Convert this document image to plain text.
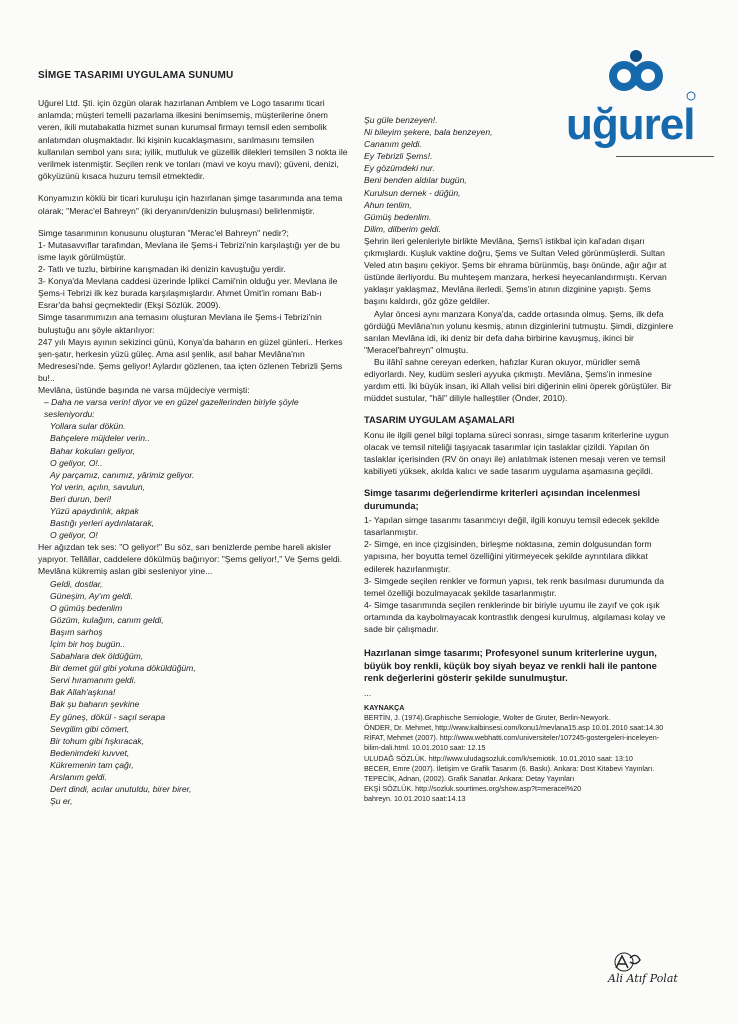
uğurel
SİMGE TASARIMI UYGULAMA SUNUMU

Uğurel Ltd. Şti. için özgün olarak hazırlanan Amblem ve Logo tasarımı ticari anlamda; müşteri temelli pazarlama ilkesini benimsemiş, müşterilerine önem veren, ikili mutabakatla hizmet sunan kurumsal firmayı temsil eden sembolik anlatımdan oluşmaktadır. İki kişinin kucaklaşmasını, sarılmasını temsilen kullanılan sembol yanı sıra; iyilik, mutluluk ve güzellik dilekleri temsilen 3 nokta ile verilmek istenmiştir. Seçilen renk ve tonları (mavi ve koyu mavi); güveni, denizi, gökyüzünü kısaca huzuru temsil etmektedir.

Konyamızın köklü bir ticari kuruluşu için hazırlanan şimge tasarımında ana tema olarak; "Merac'el Bahreyn" (iki deryanın/denizin buluşması) belirlenmiştir.

Simge tasarımının konusunu oluşturan "Merac'el Bahreyn" nedir?;
1- Mutasavvıflar tarafından, Mevlana ile Şems-i Tebrizi'nin karşılaştığı yer de bu isme layık görülmüştür.
2- Tatlı ve tuzlu, birbirine karışmadan iki denizin kavuştuğu yerdir.
3- Konya'da Mevlana caddesi üzerinde İplikci Camii'nin olduğu yer. Mevlana ile Şems-i Tebrizi ilk kez burada karşılaşmışlardır. Ahmet Ümit'in romanı Bab-ı Esrar'da bahsi geçmektedir (Ekşi Sözlük. 2009).
Simge tasarımımızın ana temasını oluşturan Mevlana ile Şems-i Tebrizi'nin buluştuğu anı şöyle aktarılıyor:
247 yılı Mayıs ayının sekizinci günü, Konya'da baharın en güzel günleri.. Herkes şen-şatır, herkesin yüzü güleç. Ama asıl şenlik, asıl bahar Mevlâna'nın Medresesi'nde. Şems geliyor! Aylardır gözlenen, taa içten özlenen Tebrizli Şems bu!..
Mevlâna, üstünde başında ne varsa müjdeciye vermişti:
– Daha ne varsa verin! diyor ve en güzel gazellerinden biriyle şöyle sesleniyordu:
Yollara sular dökün.
Bahçelere müjdeler verin..
Bahar kokuları geliyor,
O geliyor, O!..
Ay parçamız, canımız, yârimiz geliyor.
Yol verin, açılın, savulun,
Beri durun, beri!
Yüzü apaydınlık, akpak
Bastığı yerleri aydınlatarak,
O geliyor, O!
Her ağızdan tek ses: "O geliyor!" Bu söz, sarı benizlerde pembe hareli akisler yapıyor. Tellâllar, caddelere dökülmüş bağırıyor: "Şems geliyor!," Ve Şems geldi. Mevlâna kükremiş aslan gibi sesleniyor yine...
Geldi, dostlar,
Güneşim, Ay'ım geldi.
O gümüş bedenlim
Gözüm, kulağım, canım geldi,
Başım sarhoş
İçim bir hoş bugün..
Sabahlara dek öldüğüm,
Bir demet gül gibi yoluna döküldüğüm,
Servi hıramanım geldi.
Bak Allah'aşkına!
Bak şu baharın şevkine
Ey güneş, dökül - saçıl serapa
Sevgilim gibi cömert,
Bir tohum gibi fışkıracak,
Bedenimdeki kuvvet,
Kükremenin tam çağı,
Arslanım geldi.
Dert dindi, acılar unutuldu, birer birer,
Şu er,
Şu güle benzeyen!.
Ni bileyim şekere, bala benzeyen,
Cananım geldi.
Ey Tebrizli Şems!.
Ey gözümdeki nur.
Beni benden aldılar bugün,
Kurulsun dernek - düğün,
Ahun tenlim,
Gümüş bedenlim.
Dilim, dilberim geldi.
Şehrin ileri gelenleriyle birlikte Mevlâna, Şems'i istikbal için kal'adan dışarı çıkmışlardı. Kuşluk vaktine doğru, Şems ve Sultan Veled görünmüşlerdi. Sultan Veled atın başını çekiyor. Şems bir ehrama bürünmüş, başı önünde, ağır ağır at üstünde ilerliyordu. Bu muhteşem manzara, herkesi heyecanlandırmıştı. Kervan yaklaşır yaklaşmaz, Mevlâna ilerledi. Şems'in atının dizginine yapıştı. Şems başını kaldırdı, göz göze geldiler.
Aylar öncesi aynı manzara Konya'da, cadde ortasında olmuş. Şems, ilk defa gördüğü Mevlâna'nın yolunu kesmiş, atının dizginlerini tutmuştu. Şimdi, dizginlere sarılan Mevlâna idi, iki deniz bir defa daha birbirine kavuşmuş, ikinci bir "Meracel'bahreyn" olmuştu.
Bu ilâhî sahne cereyan ederken, hafızlar Kuran okuyor, müridler semâ ediyorlardı. Ney, kudüm sesleri ayyuka çıkmıştı. Mevlâna, Şems'in inmesine yardım etti. İki büyük insan, iki Allah velisi biri diğerinin elini öperek görüştüler. Bir müddet sustular, "hâl" diliyle halleştiler (Önder, 2010).
TASARIM UYGULAM AŞAMALARI
Konu ile ilgili genel bilgi toplama süreci sonrası, simge tasarım kriterlerine uygun olacak ve temsil niteliği taşıyacak tasarımlar için taslaklar çizildi. Yapılan ön taslaklar içerisinden (RV ön onayı ile) anlatılmak istenen mesajı veren ve temsil kabiliyeti yüksek, akılda kalıcı ve sade tasarım uygulama aşamasına geçildi.
Simge tasarımı değerlendirme kriterleri açısından incelenmesi durumunda;
1- Yapılan simge tasarımı tasarımcıyı değil, ilgili konuyu temsil edecek şekilde tasarlanmıştır.
2- Simge, en ince çizgisinden, birleşme noktasına, zemin dolgusundan form yapısına, her boyutta temel özelliğini yitirmeyecek şekilde ayrıntılara dikkat edilerek hazırlanmıştır.
3- Simgede seçilen renkler ve formun yapısı, tek renk basılması durumunda da temel özelliği bozulmayacak şekilde tasarlanmıştır.
4- Simge tasarımında seçilen renklerinde bir biriyle uyumu ile zayıf ve çok ışık ortamında da kaybolmayacak kontrastlık dengesi kurulmuş, algılaması kolay ve sade bir çalışmadır.
Hazırlanan simge tasarımı; Profesyonel sunum kriterlerine uygun, büyük boy renkli, küçük boy siyah beyaz ve renkli hali ile pantone renk değerlerini gösterir şekilde sunulmuştur.
...
KAYNAKÇA
BERTİN, J. (1974).Graphische Semiologie, Wolter de Gruter, Berlin-Newyork.
ÖNDER, Dr. Mehmet, http://www.kalbinsesi.com/konu1/mevlana15.asp 10.01.2010 saat:14.30
RİFAT, Mehmet (2007). http://www.webhatti.com/universiteler/107245-gostergeleri-inceleyen-bilim-dali.html. 10.01.2010 saat: 12.15
ULUDAĞ SÖZLÜK. http://www.uludagsozluk.com/k/semiotik. 10.01.2010 saat: 13:10
BECER, Emre (2007). İletişim ve Grafik Tasarım (6. Baskı). Ankara: Dost Kitabevi Yayınları.
TEPECİK, Adnan, (2002). Grafik Sanatlar. Ankara: Detay Yayınları
EKŞİ SÖZLÜK. http://sozluk.sourtimes.org/show.asp?t=meracel%20 bahreyn. 10.01.2010 saat:14.13
Ali Atıf Polat
